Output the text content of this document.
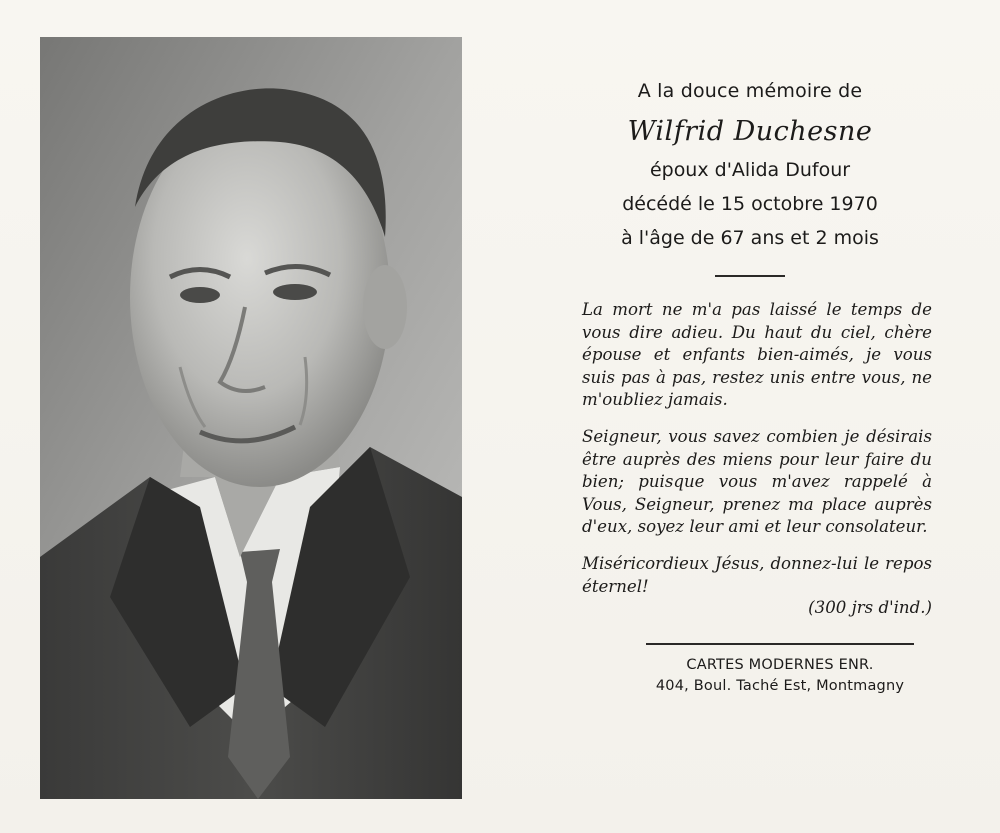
A la douce mémoire de

Wilfrid Duchesne

époux d'Alida Dufour

décédé le 15 octobre 1970

à l'âge de 67 ans et 2 mois

La mort ne m'a pas laissé le temps de vous dire adieu. Du haut du ciel, chère épouse et enfants bien-aimés, je vous suis pas à pas, restez unis entre vous, ne m'oubliez jamais.

Seigneur, vous savez combien je désirais être auprès des miens pour leur faire du bien; puisque vous m'avez rappelé à Vous, Seigneur, prenez ma place auprès d'eux, soyez leur ami et leur consolateur.

Miséricordieux Jésus, donnez-lui le repos éternel!

(300 jrs d'ind.)

CARTES MODERNES ENR.
404, Boul. Taché Est, Montmagny
